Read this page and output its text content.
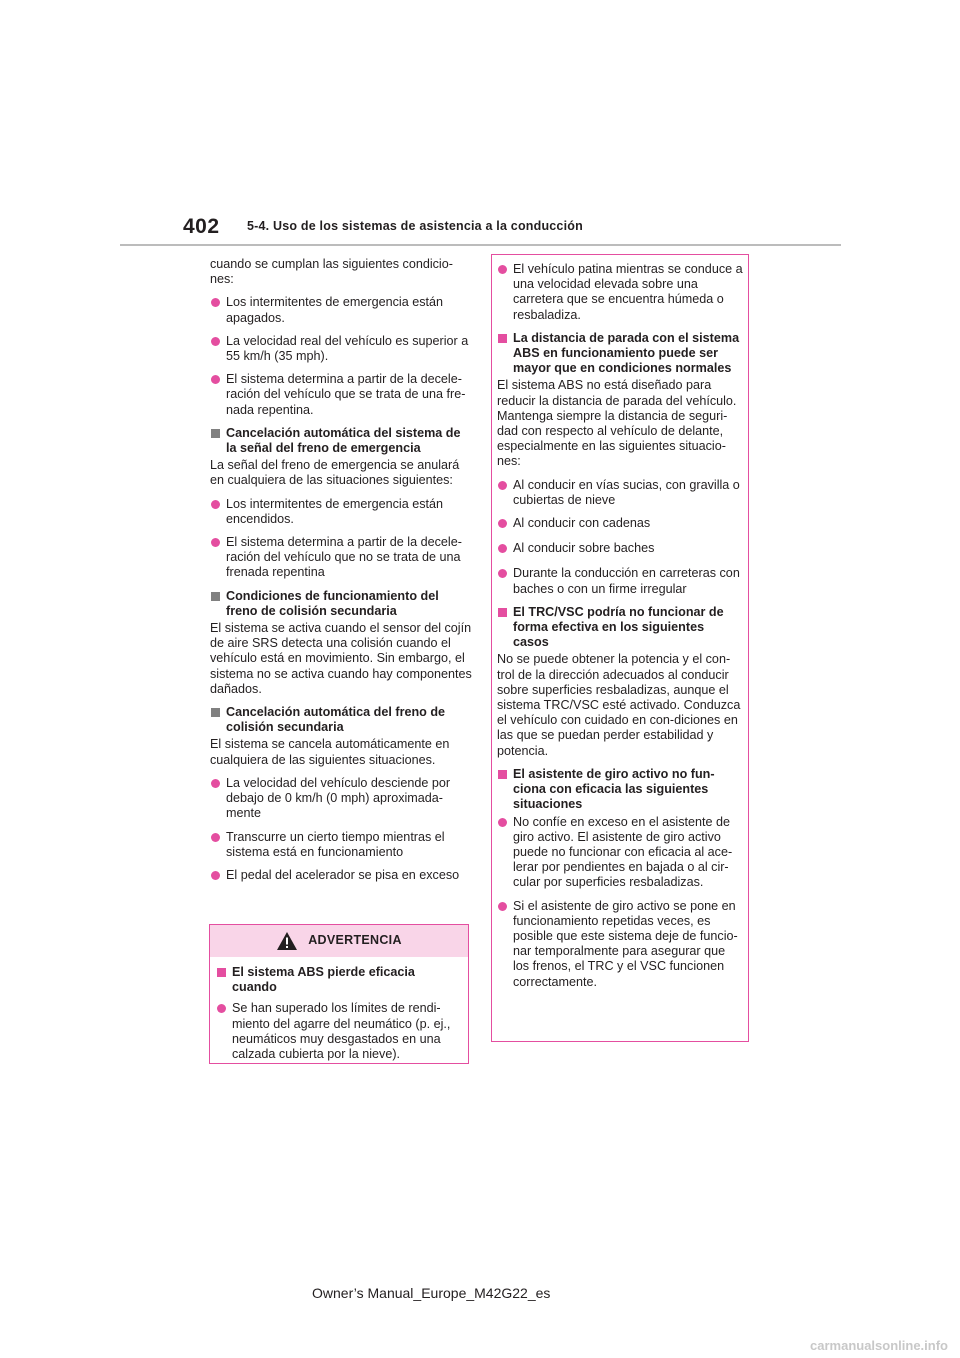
402 5-4. Uso de los sistemas de asistencia a la conducción

cuando se cumplan las siguientes condicio-nes:

Los intermitentes de emergencia están apagados.
La velocidad real del vehículo es superior a 55 km/h (35 mph).
El sistema determina a partir de la decele-ración del vehículo que se trata de una fre-nada repentina.
Cancelación automática del sistema de la señal del freno de emergencia

La señal del freno de emergencia se anulará en cualquiera de las situaciones siguientes:

Los intermitentes de emergencia están encendidos.
El sistema determina a partir de la decele-ración del vehículo que no se trata de una frenada repentina
Condiciones de funcionamiento del freno de colisión secundaria

El sistema se activa cuando el sensor del cojín de aire SRS detecta una colisión cuando el vehículo está en movimiento. Sin embargo, el sistema no se activa cuando hay componentes dañados.

Cancelación automática del freno de colisión secundaria

El sistema se cancela automáticamente en cualquiera de las siguientes situaciones.

La velocidad del vehículo desciende por debajo de 0 km/h (0 mph) aproximada-mente
Transcurre un cierto tiempo mientras el sistema está en funcionamiento
El pedal del acelerador se pisa en exceso
ADVERTENCIA
El sistema ABS pierde eficacia cuando
Se han superado los límites de rendi-miento del agarre del neumático (p. ej., neumáticos muy desgastados en una calzada cubierta por la nieve).
El vehículo patina mientras se conduce a una velocidad elevada sobre una carretera que se encuentra húmeda o resbaladiza.
La distancia de parada con el sistema ABS en funcionamiento puede ser mayor que en condiciones normales

El sistema ABS no está diseñado para reducir la distancia de parada del vehículo. Mantenga siempre la distancia de seguri-dad con respecto al vehículo de delante, especialmente en las siguientes situacio-nes:

Al conducir en vías sucias, con gravilla o cubiertas de nieve
Al conducir con cadenas
Al conducir sobre baches
Durante la conducción en carreteras con baches o con un firme irregular
El TRC/VSC podría no funcionar de forma efectiva en los siguientes casos

No se puede obtener la potencia y el con-trol de la dirección adecuados al conducir sobre superficies resbaladizas, aunque el sistema TRC/VSC esté activado. Conduzca el vehículo con cuidado en con-diciones en las que se puedan perder estabilidad y potencia.

El asistente de giro activo no fun-ciona con eficacia las siguientes situaciones
No confíe en exceso en el asistente de giro activo. El asistente de giro activo puede no funcionar con eficacia al ace-lerar por pendientes en bajada o al cir-cular por superficies resbaladizas.
Si el asistente de giro activo se pone en funcionamiento repetidas veces, es posible que este sistema deje de funcio-nar temporalmente para asegurar que los frenos, el TRC y el VSC funcionen correctamente.
Owner’s Manual_Europe_M42G22_es
carmanualsonline.info
